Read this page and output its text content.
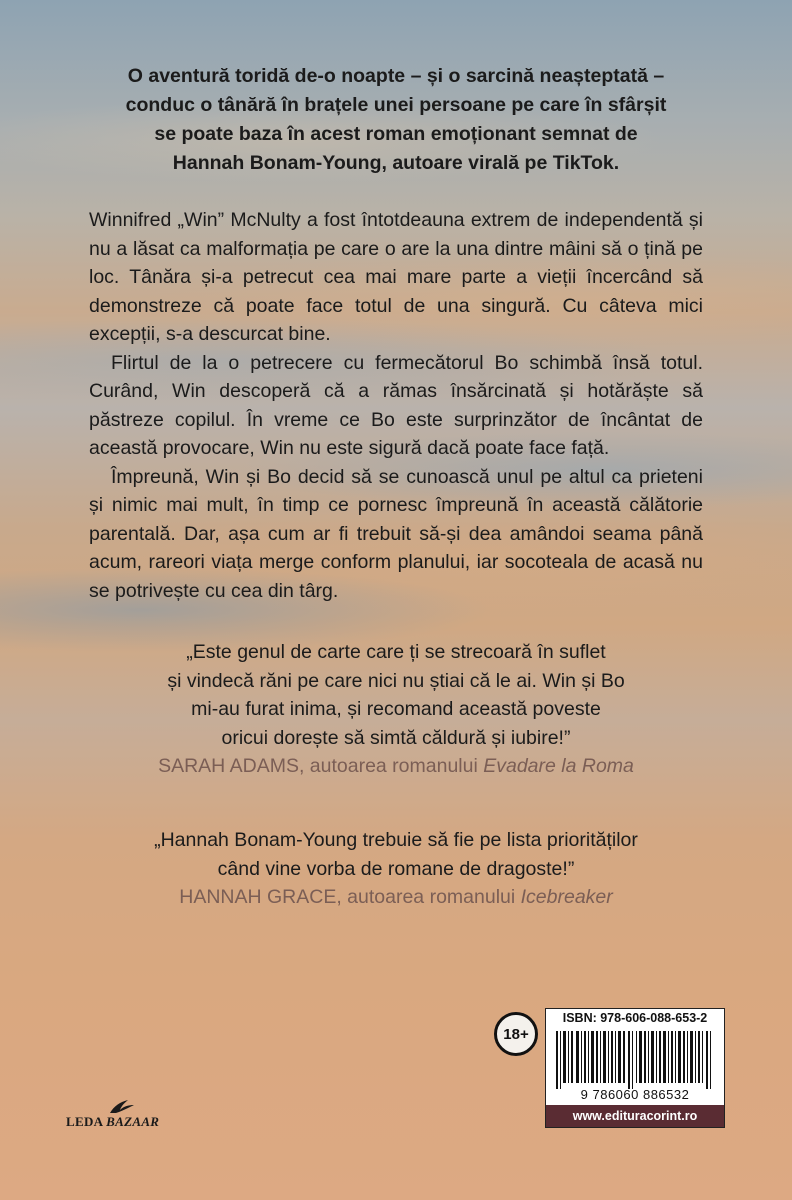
O aventură toridă de-o noapte – și o sarcină neașteptată –

conduc o tânără în brațele unei persoane pe care în sfârșit

se poate baza în acest roman emoționant semnat de

Hannah Bonam-Young, autoare virală pe TikTok.

Winnifred „Win” McNulty a fost întotdeauna extrem de independentă și nu a lăsat ca malformația pe care o are la una dintre mâini să o țină pe loc. Tânăra și-a petrecut cea mai mare parte a vieții încercând să demonstreze că poate face totul de una singură. Cu câteva mici excepții, s-a descurcat bine.

Flirtul de la o petrecere cu fermecătorul Bo schimbă însă totul. Curând, Win descoperă că a rămas însărcinată și hotărăște să păstreze copilul. În vreme ce Bo este surprinzător de încântat de această provocare, Win nu este sigură dacă poate face față.

Împreună, Win și Bo decid să se cunoască unul pe altul ca prieteni și nimic mai mult, în timp ce pornesc împreună în această călătorie parentală. Dar, așa cum ar fi trebuit să-și dea amândoi seama până acum, rareori viața merge conform planului, iar socoteala de acasă nu se potrivește cu cea din târg.

„Este genul de carte care ți se strecoară în suflet

și vindecă răni pe care nici nu știai că le ai. Win și Bo

mi-au furat inima, și recomand această poveste

oricui dorește să simtă căldură și iubire!”

SARAH ADAMS, autoarea romanului Evadare la Roma

„Hannah Bonam-Young trebuie să fie pe lista priorităților

când vine vorba de romane de dragoste!”

HANNAH GRACE, autoarea romanului Icebreaker

18+
ISBN: 978-606-088-653-2
9 786060 886532
www.edituracorint.ro
LEDA BAZAAR
